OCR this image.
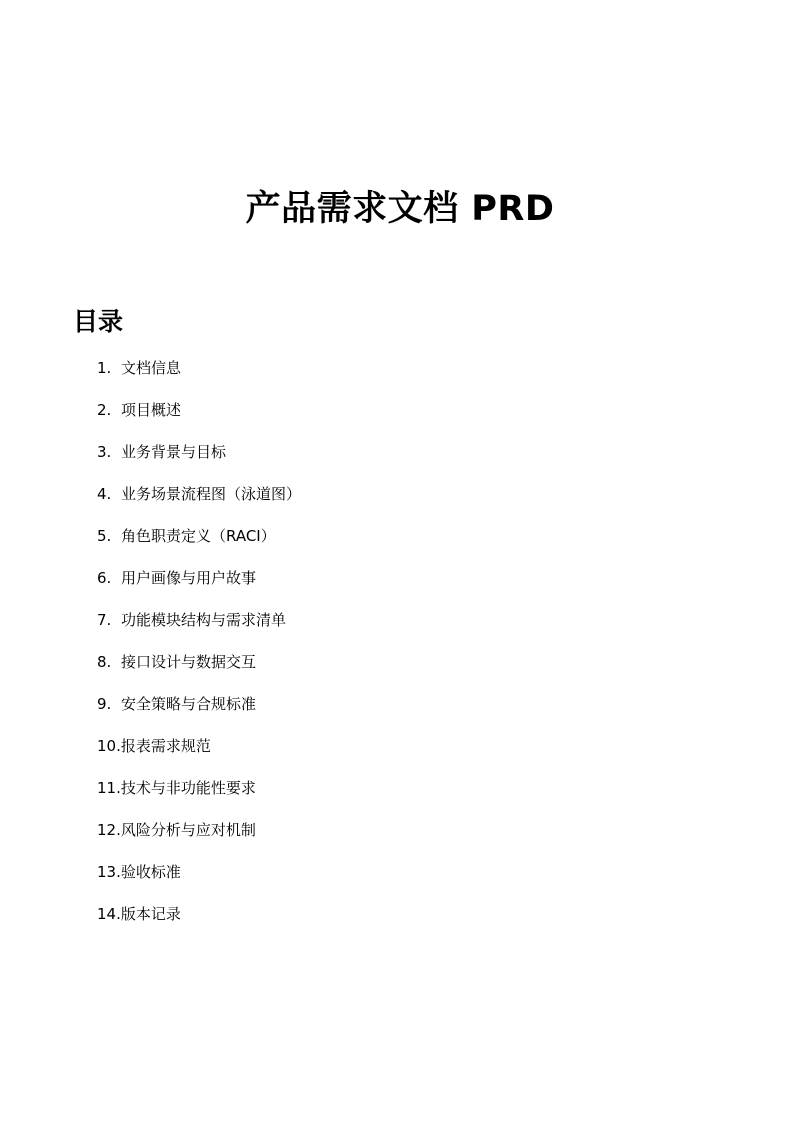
产品需求文档 PRD
目录
1. 文档信息
2. 项目概述
3. 业务背景与目标
4. 业务场景流程图（泳道图）
5. 角色职责定义（RACI）
6. 用户画像与用户故事
7. 功能模块结构与需求清单
8. 接口设计与数据交互
9. 安全策略与合规标准
10. 报表需求规范
11. 技术与非功能性要求
12. 风险分析与应对机制
13. 验收标准
14. 版本记录
